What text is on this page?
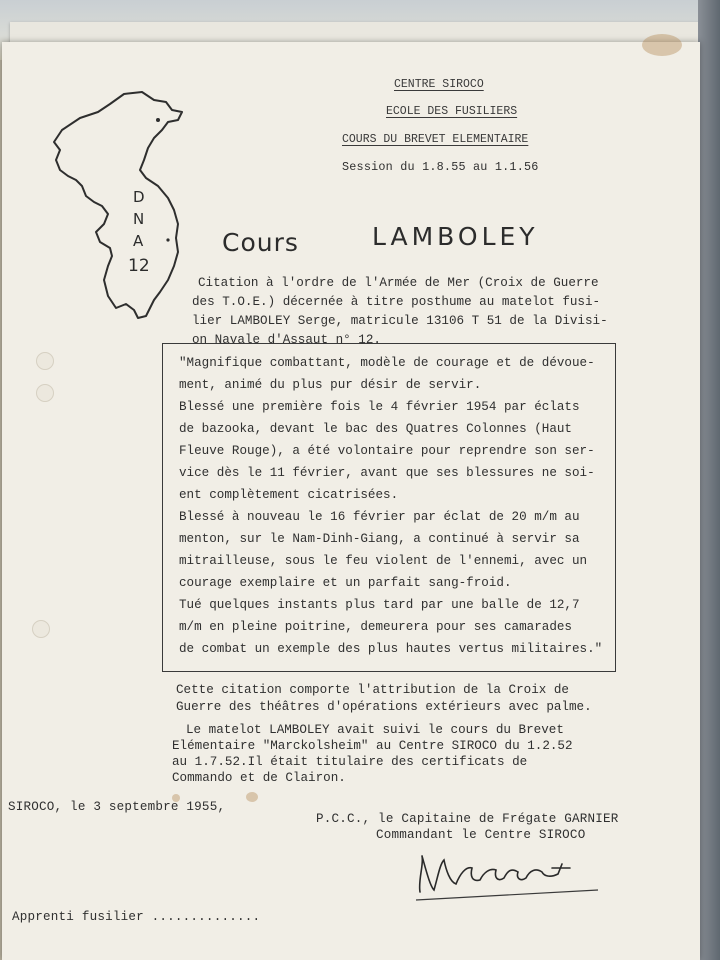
CENTRE SIROCO
ECOLE DES FUSILIERS
COURS DU BREVET ELEMENTAIRE
Session du 1.8.55 au 1.1.56
D
N
A
12
Cours	LAMBOLEY
Citation à l'ordre de l'Armée de Mer (Croix de Guerre
des T.O.E.) décernée à titre posthume au matelot fusi-
lier LAMBOLEY Serge, matricule 13106 T 51 de la Divisi-
on Navale d'Assaut n° 12.
"Magnifique combattant, modèle de courage et de dévoue-
ment, animé du plus pur désir de servir.
Blessé une première fois le 4 février 1954 par éclats
de bazooka, devant le bac des Quatres Colonnes (Haut
Fleuve Rouge), a été volontaire pour reprendre son ser-
vice dès le 11 février, avant que ses blessures ne soi-
ent complètement cicatrisées.
Blessé à nouveau le 16 février par éclat de 20 m/m au
menton, sur le Nam-Dinh-Giang, a continué à servir sa
mitrailleuse, sous le feu violent de l'ennemi, avec un
courage exemplaire et un parfait sang-froid.
Tué quelques instants plus tard par une balle de 12,7
m/m en pleine poitrine, demeurera pour ses camarades
de combat un exemple des plus hautes vertus militaires."
Cette citation comporte l'attribution de la Croix de
Guerre des théâtres d'opérations extérieurs avec palme.
Le matelot LAMBOLEY avait suivi le cours du Brevet
Elémentaire "Marckolsheim" au Centre SIROCO du 1.2.52
au 1.7.52.Il était titulaire des certificats de
Commando et de Clairon.
SIROCO, le 3 septembre 1955,
P.C.C., le Capitaine de Frégate GARNIER
Commandant le Centre SIROCO
Apprenti fusilier ..............
